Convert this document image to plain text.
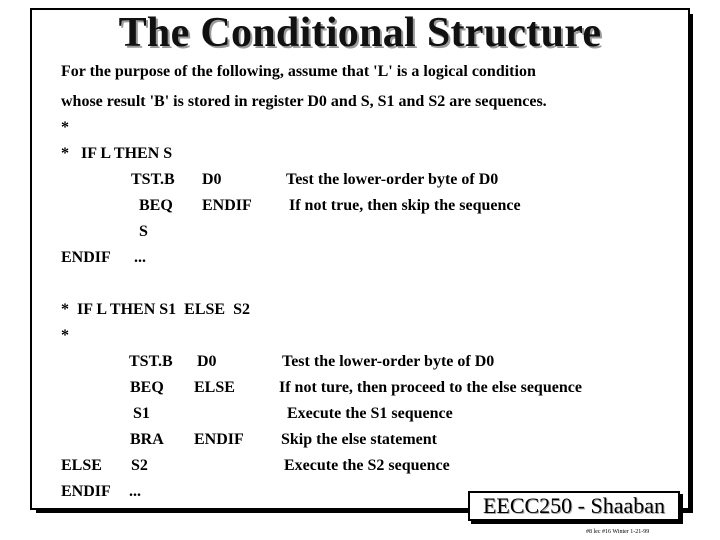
The Conditional Structure
For the purpose of the following, assume that 'L' is a logical condition
whose result 'B' is stored in register D0 and S, S1 and S2 are sequences.
*
*   IF L THEN S
TST.B D0	Test the lower-order byte of D0
BEQ ENDIF If not true, then skip the sequence
S
ENDIF ...
*  IF L THEN S1  ELSE  S2
*
TST.B D0	Test the lower-order byte of D0
BEQ ELSE	If not ture, then proceed to the else sequence
S1	Execute the S1 sequence
BRA ENDIF Skip the else statement
ELSE S2	Execute the S2 sequence
ENDIF ...
EECC250 - Shaaban
#8 lec #16 Winter 1-21-99
